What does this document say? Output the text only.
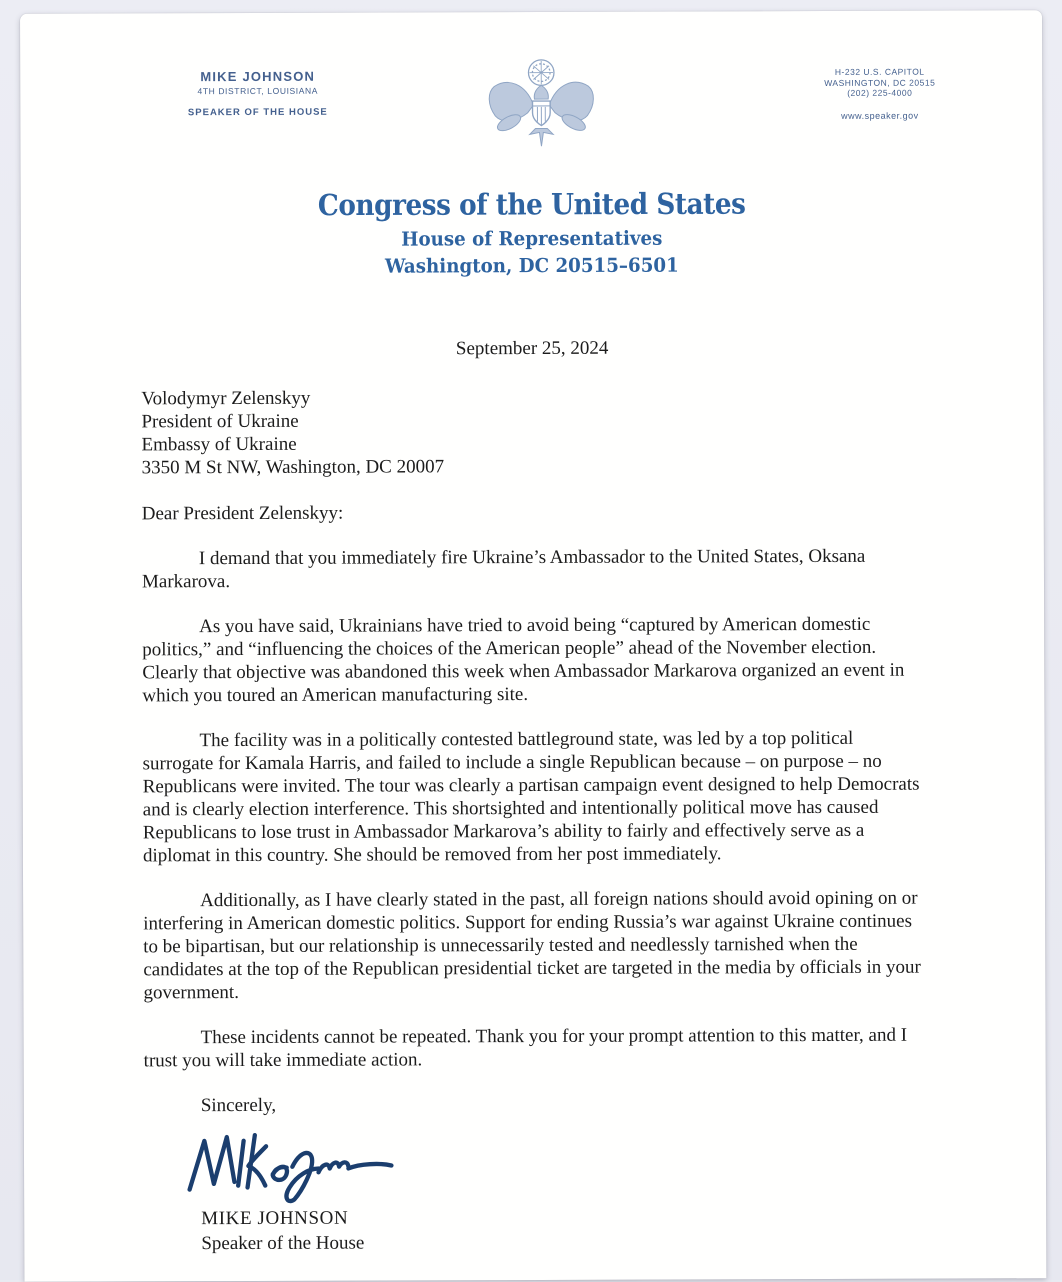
MIKE JOHNSON
4TH DISTRICT, LOUISIANA
SPEAKER OF THE HOUSE
H-232 U.S. CAPITOL
WASHINGTON, DC 20515
(202) 225-4000
www.speaker.gov
Congress of the United States
House of Representatives
Washington, DC 20515–6501
September 25, 2024
Volodymyr Zelenskyy
President of Ukraine
Embassy of Ukraine
3350 M St NW, Washington, DC 20007
Dear President Zelenskyy:

I demand that you immediately fire Ukraine’s Ambassador to the United States, Oksana Markarova.

As you have said, Ukrainians have tried to avoid being “captured by American domestic politics,” and “influencing the choices of the American people” ahead of the November election. Clearly that objective was abandoned this week when Ambassador Markarova organized an event in which you toured an American manufacturing site.

The facility was in a politically contested battleground state, was led by a top political surrogate for Kamala Harris, and failed to include a single Republican because – on purpose – no Republicans were invited. The tour was clearly a partisan campaign event designed to help Democrats and is clearly election interference. This shortsighted and intentionally political move has caused Republicans to lose trust in Ambassador Markarova’s ability to fairly and effectively serve as a diplomat in this country. She should be removed from her post immediately.

Additionally, as I have clearly stated in the past, all foreign nations should avoid opining on or interfering in American domestic politics. Support for ending Russia’s war against Ukraine continues to be bipartisan, but our relationship is unnecessarily tested and needlessly tarnished when the candidates at the top of the Republican presidential ticket are targeted in the media by officials in your government.

These incidents cannot be repeated. Thank you for your prompt attention to this matter, and I trust you will take immediate action.

Sincerely,
MIKE JOHNSON
Speaker of the House
